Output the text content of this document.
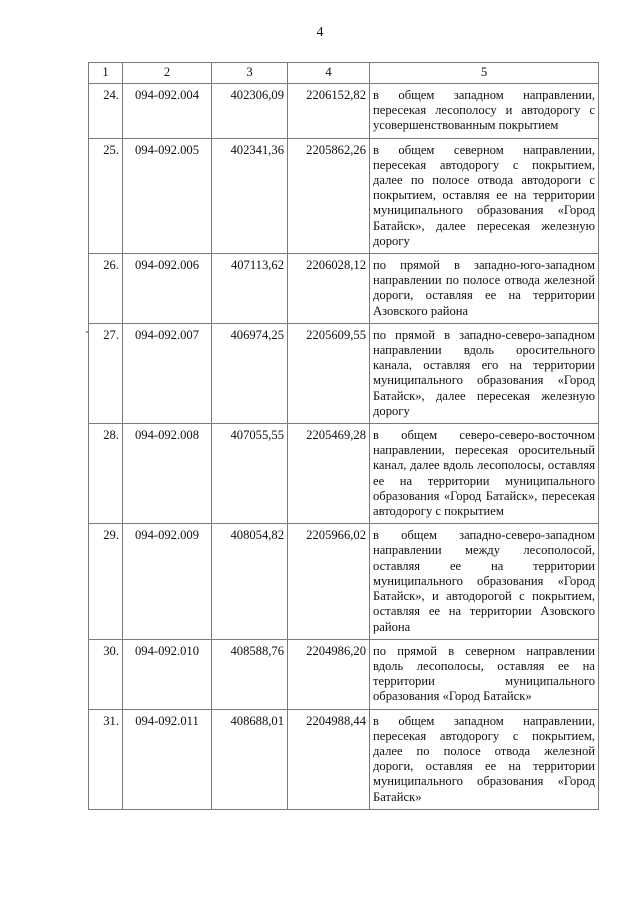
4
1	2	3	4	5
24.	094-092.004	402306,09	2206152,82	в общем западном направлении, пересекая лесополосу и автодорогу с усовершенствованным покрытием
25.	094-092.005	402341,36	2205862,26	в общем северном направлении, пересекая автодорогу с покрытием, далее по полосе отвода автодороги с покрытием, оставляя ее на территории муниципального образования «Город Батайск», далее пересекая железную дорогу
26.	094-092.006	407113,62	2206028,12	по прямой в западно-юго-западном направлении по полосе отвода железной дороги, оставляя ее на территории Азовского района
27.	094-092.007	406974,25	2205609,55	по прямой в западно-северо-западном направлении вдоль оросительного канала, оставляя его на территории муниципального образования «Город Батайск», далее пересекая железную дорогу
28.	094-092.008	407055,55	2205469,28	в общем северо-северо-восточном направлении, пересекая оросительный канал, далее вдоль лесополосы, оставляя ее на территории муниципального образования «Город Батайск», пересекая автодорогу с покрытием
29.	094-092.009	408054,82	2205966,02	в общем западно-северо-западном направлении между лесополосой, оставляя ее на территории муниципального образования «Город Батайск», и автодорогой с покрытием, оставляя ее на территории Азовского района
30.	094-092.010	408588,76	2204986,20	по прямой в северном направлении вдоль лесополосы, оставляя ее на территории муниципального образования «Город Батайск»
31.	094-092.011	408688,01	2204988,44	в общем западном направлении, пересекая автодорогу с покрытием, далее по полосе отвода железной дороги, оставляя ее на территории муниципального образования «Город Батайск»
